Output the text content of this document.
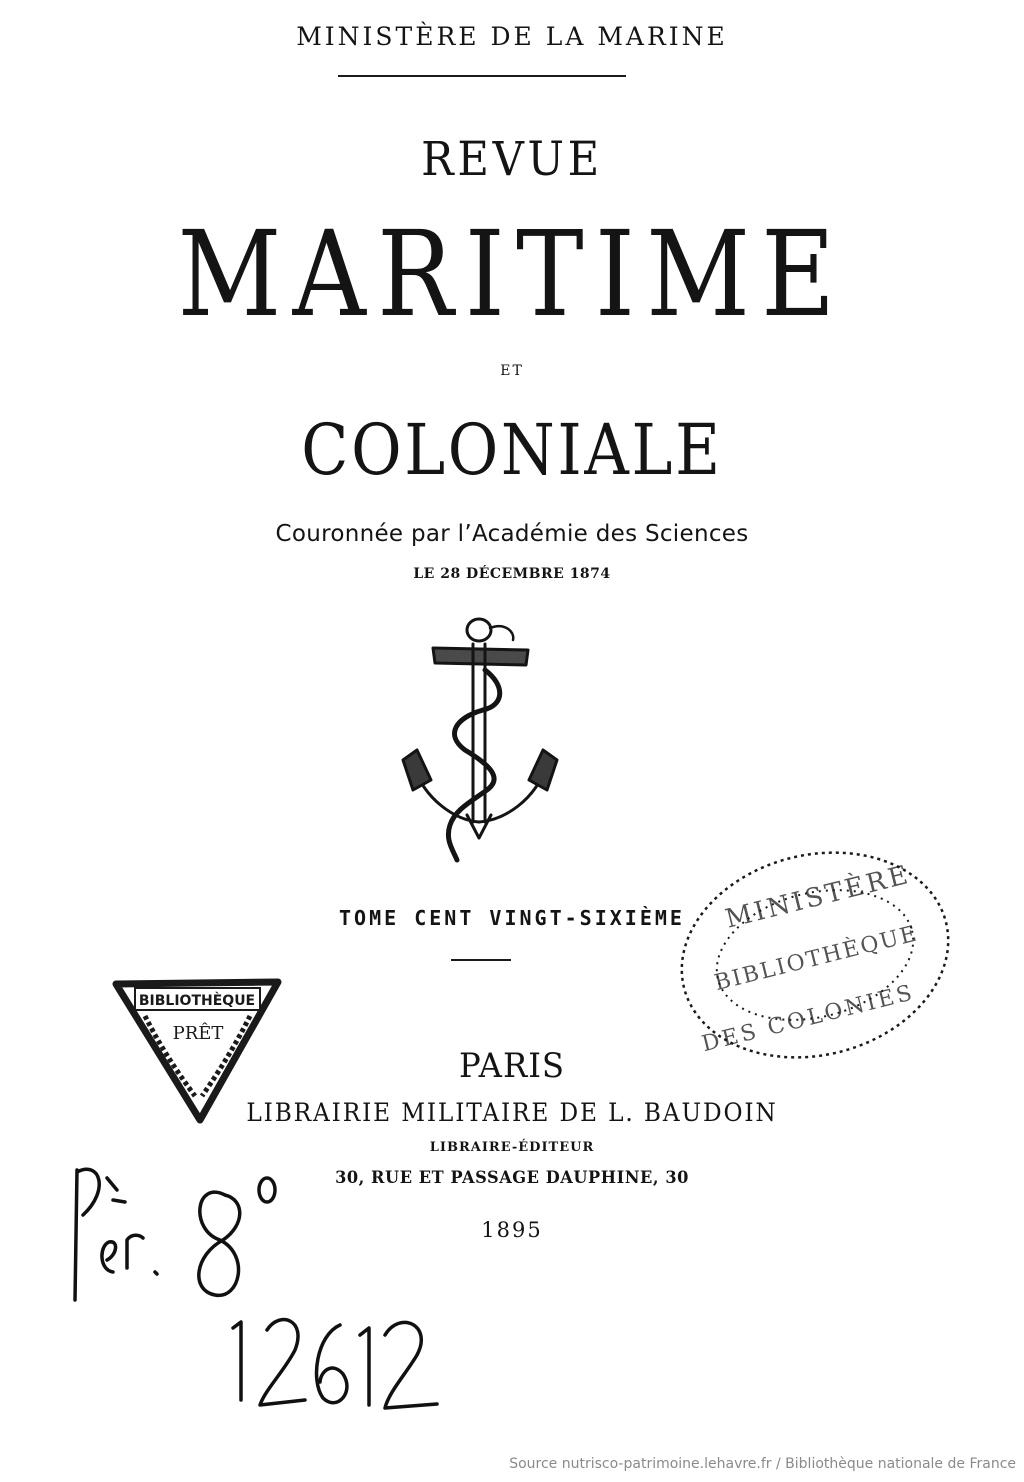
MINISTÈRE DE LA MARINE
REVUE
MARITIME
ET
COLONIALE
Couronnée par l’Académie des Sciences
LE 28 DÉCEMBRE 1874
TOME CENT VINGT-SIXIÈME
PARIS
LIBRAIRIE MILITAIRE DE L. BAUDOIN
LIBRAIRE-ÉDITEUR
30, RUE ET PASSAGE DAUPHINE, 30
1895
BIBLIOTHÈQUE
PRÊT
MINISTÈRE
BIBLIOTHÈQUE
DES COLONIES
Source nutrisco-patrimoine.lehavre.fr / Bibliothèque nationale de France
